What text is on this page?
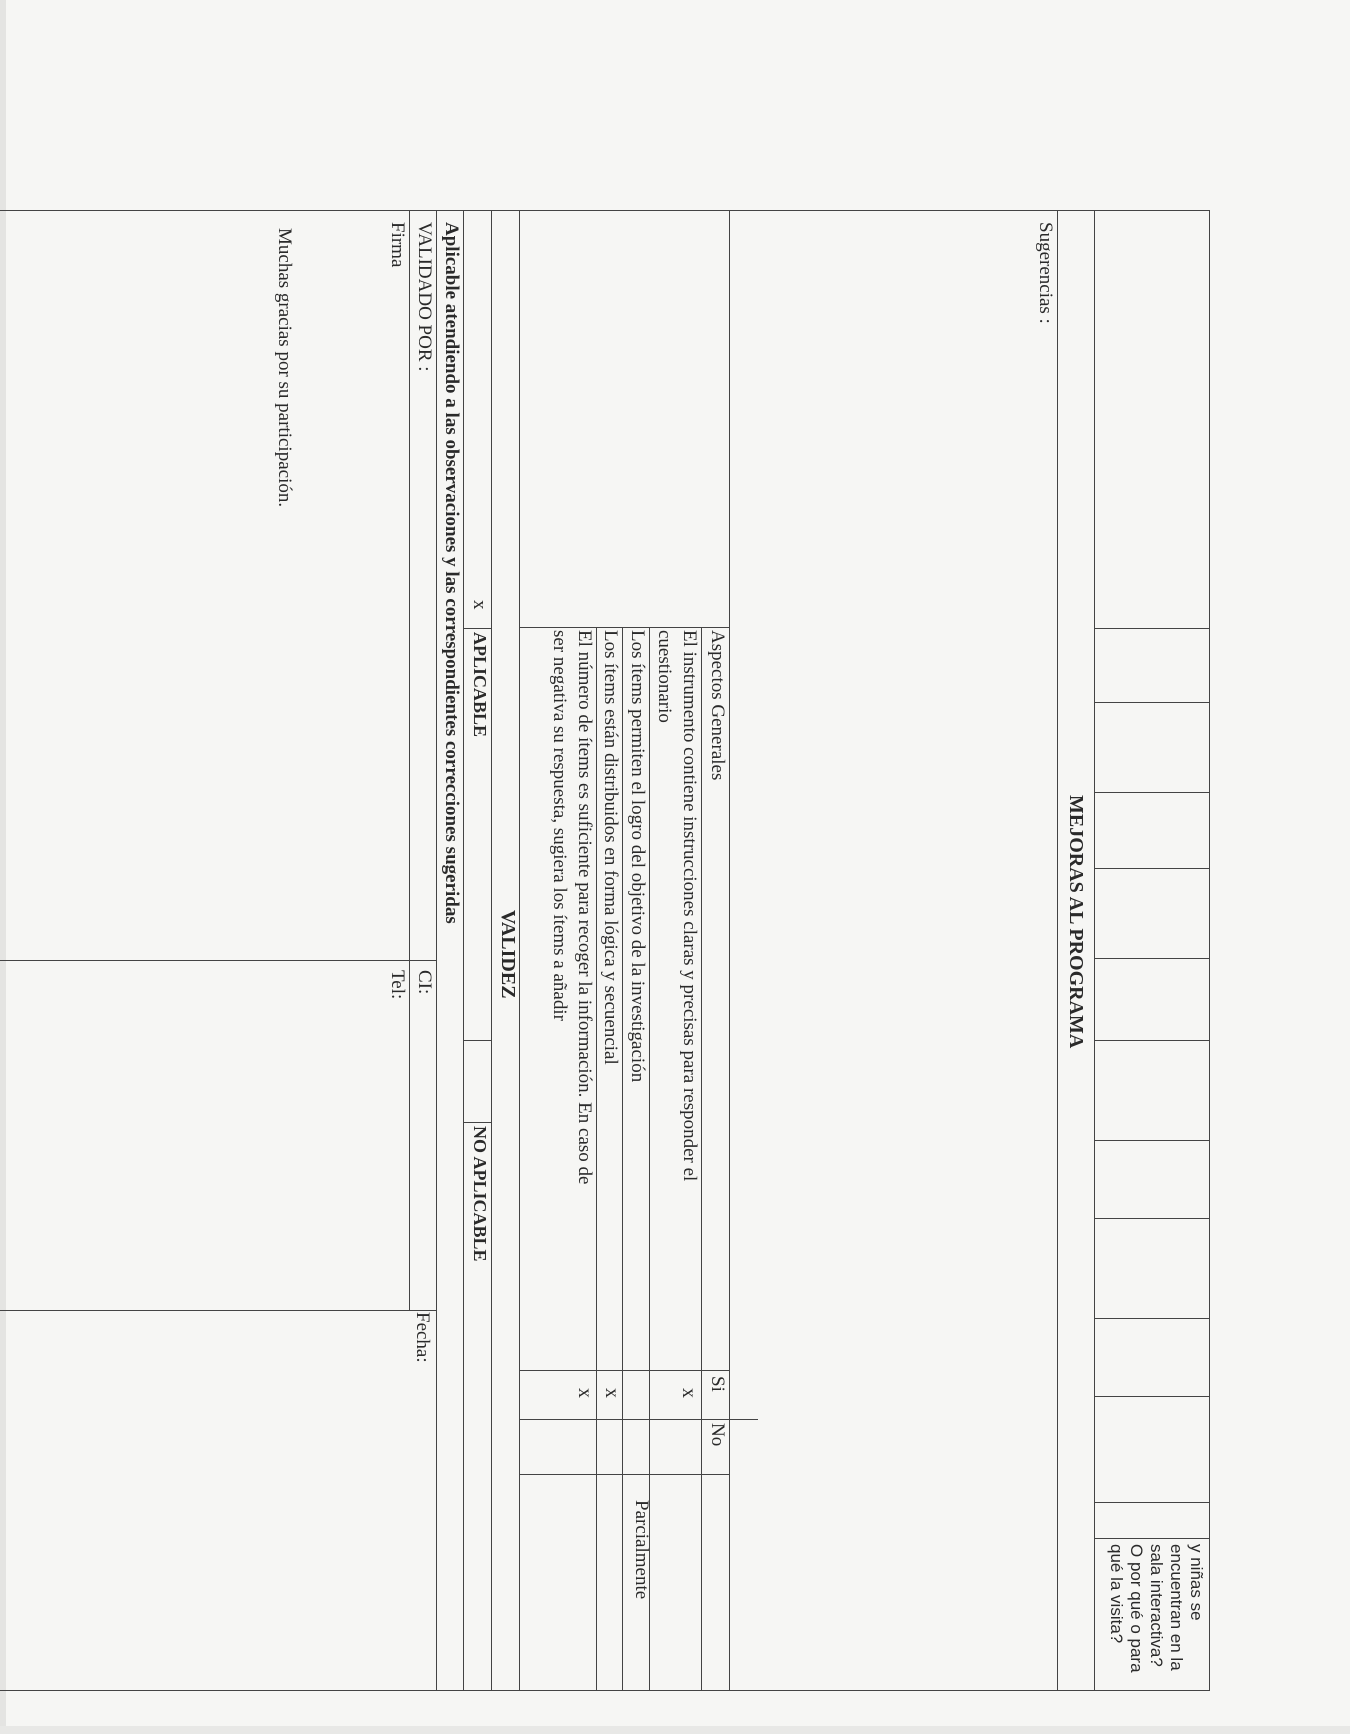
y niñas se
encuentran en la
sala interactiva?
O por qué o para
qué la visita?
MEJORAS AL PROGRAMA
Sugerencias :
Aspectos Generales
Si
No
Parcialmente
El instrumento contiene instrucciones claras y precisas para responder el
cuestionario
x
Los ítems permiten el logro del objetivo de la investigación
Los ítems están distribuidos en forma lógica y secuencial
x
El número de ítems es suficiente para recoger la información. En caso de
ser negativa su respuesta, sugiera los ítems a añadir
x
VALIDEZ
x
APLICABLE
NO APLICABLE
Aplicable atendiendo a las observaciones y las correspondientes correcciones sugeridas
VALIDADO POR :
CI:
Fecha:
Firma
Tel:
Muchas gracias por su participación.
